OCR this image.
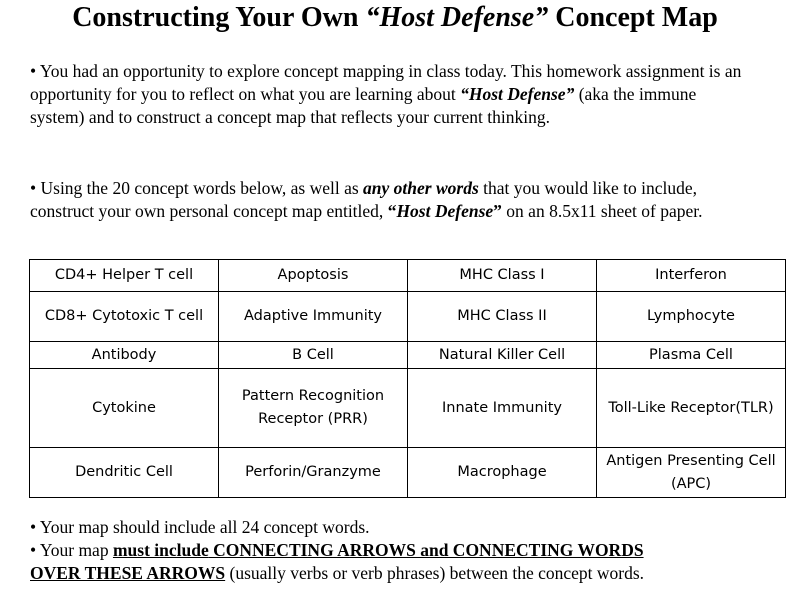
Constructing Your Own “Host Defense” Concept Map
• You had an opportunity to explore concept mapping in class today. This homework assignment is an opportunity for you to reflect on what you are learning about “Host Defense” (aka the immune system) and to construct a concept map that reflects your current thinking.
• Using the 20 concept words below, as well as any other words that you would like to include, construct your own personal concept map entitled, “Host Defense” on an 8.5x11 sheet of paper.
CD4+ Helper T cell	Apoptosis	MHC Class I	Interferon
CD8+ Cytotoxic T cell	Adaptive Immunity	MHC Class II	Lymphocyte
Antibody	B Cell	Natural Killer Cell	Plasma Cell
Cytokine	Pattern Recognition Receptor (PRR)	Innate Immunity	Toll-Like Receptor(TLR)
Dendritic Cell	Perforin/Granzyme	Macrophage	Antigen Presenting Cell (APC)
• Your map should include all 24 concept words.
• Your map must include CONNECTING ARROWS and CONNECTING WORDS
OVER THESE ARROWS (usually verbs or verb phrases) between the concept words.
